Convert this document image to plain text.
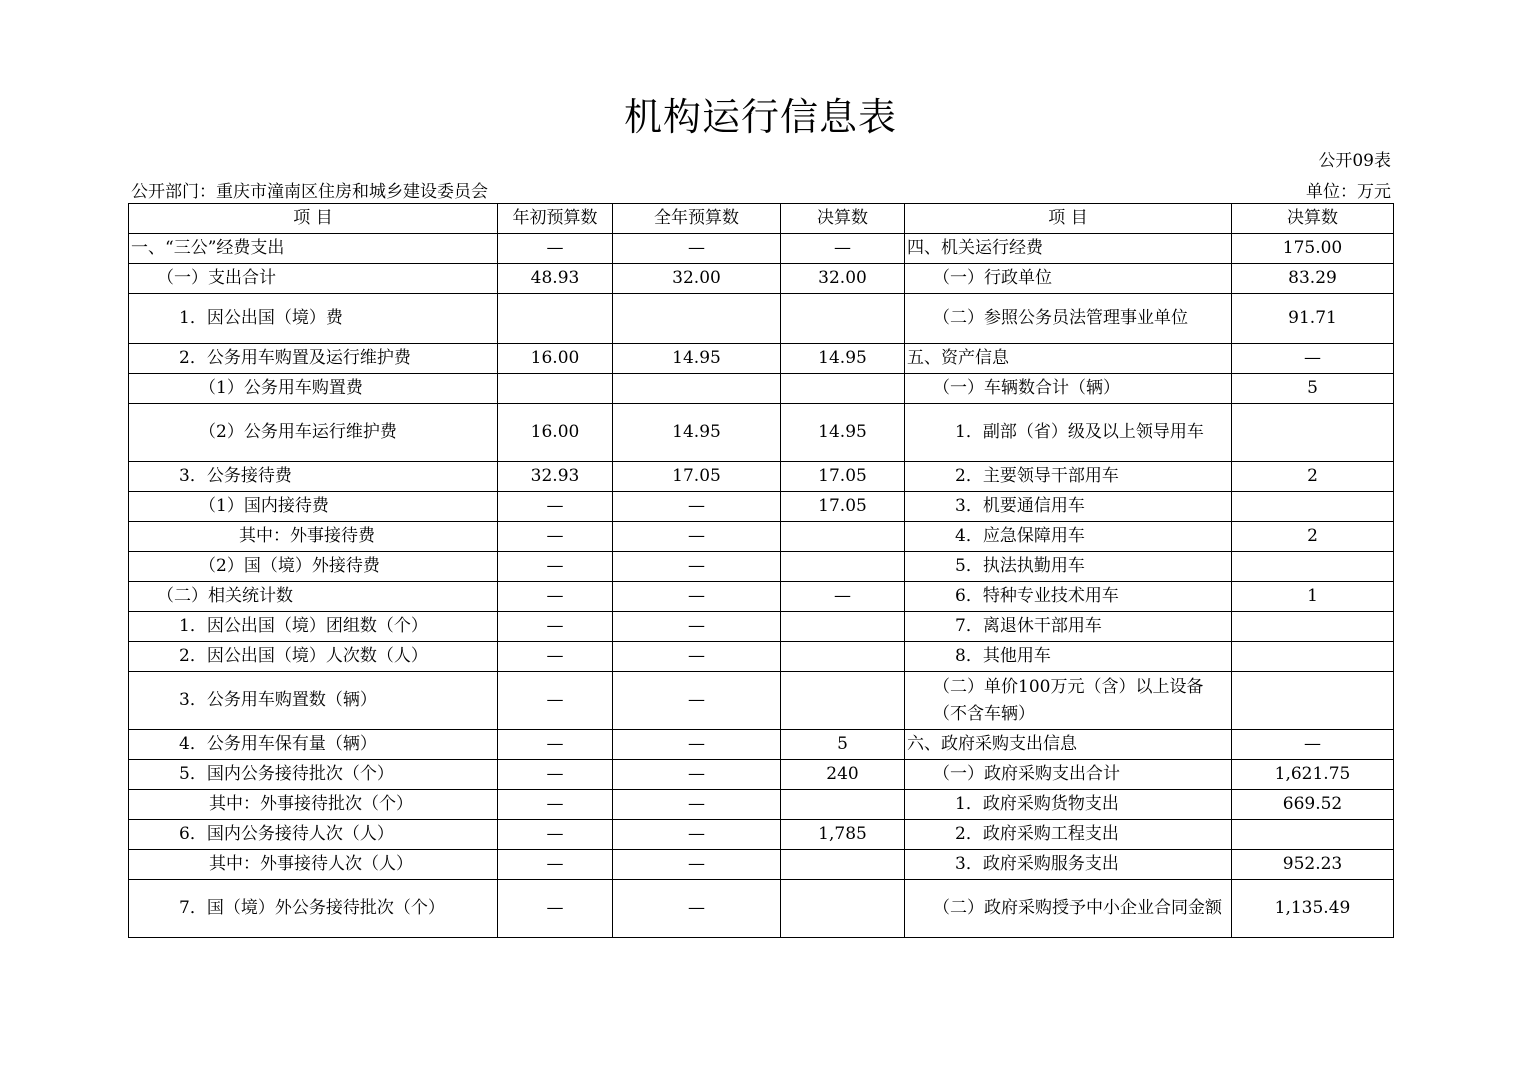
机构运行信息表
公开09表
公开部门：重庆市潼南区住房和城乡建设委员会	单位：万元
项 目	年初预算数	全年预算数	决算数	项 目	决算数
一、“三公”经费支出	—	—	—	四、机关运行经费	175.00
（一）支出合计	48.93	32.00	32.00	（一）行政单位	83.29
1．因公出国（境）费				（二）参照公务员法管理事业单位	91.71
2．公务用车购置及运行维护费	16.00	14.95	14.95	五、资产信息	—
（1）公务用车购置费				（一）车辆数合计（辆）	5
（2）公务用车运行维护费	16.00	14.95	14.95	1．副部（省）级及以上领导用车	
3．公务接待费	32.93	17.05	17.05	2．主要领导干部用车	2
（1）国内接待费	—	—	17.05	3．机要通信用车	
其中：外事接待费	—	—		4．应急保障用车	2
（2）国（境）外接待费	—	—		5．执法执勤用车	
（二）相关统计数	—	—	—	6．特种专业技术用车	1
1．因公出国（境）团组数（个）	—	—		7．离退休干部用车	
2．因公出国（境）人次数（人）	—	—		8．其他用车	
3．公务用车购置数（辆）	—	—		（二）单价100万元（含）以上设备（不含车辆）	
4．公务用车保有量（辆）	—	—	5	六、政府采购支出信息	—
5．国内公务接待批次（个）	—	—	240	（一）政府采购支出合计	1,621.75
其中：外事接待批次（个）	—	—		1．政府采购货物支出	669.52
6．国内公务接待人次（人）	—	—	1,785	2．政府采购工程支出	
其中：外事接待人次（人）	—	—		3．政府采购服务支出	952.23
7．国（境）外公务接待批次（个）	—	—		（二）政府采购授予中小企业合同金额	1,135.49
